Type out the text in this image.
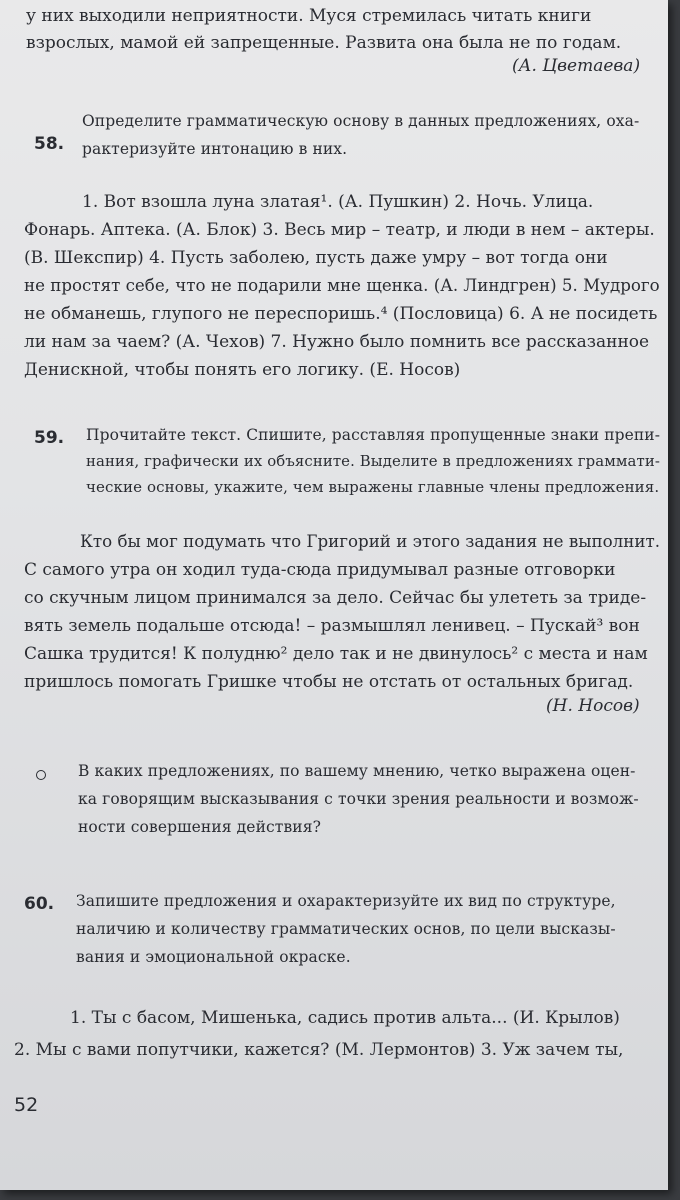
у них выходили неприятности. Муся стремилась читать книги
взрослых, мамой ей запрещенные. Развита она была не по годам.
(А. Цветаева)
58.
Определите грамматическую основу в данных предложениях, оха-
рактеризуйте интонацию в них.
1. Вот взошла луна златая¹. (А. Пушкин) 2. Ночь. Улица.
Фонарь. Аптека. (А. Блок) 3. Весь мир – театр, и люди в нем – актеры.
(В. Шекспир) 4. Пусть заболею, пусть даже умру – вот тогда они
не простят себе, что не подарили мне щенка. (А. Линдгрен) 5. Мудрого
не обманешь, глупого не переспоришь.⁴ (Пословица) 6. А не посидеть
ли нам за чаем? (А. Чехов) 7. Нужно было помнить все рассказанное
Денискной, чтобы понять его логику. (Е. Носов)
59. Прочитайте текст. Спишите, расставляя пропущенные знаки препи-
нания, графически их объясните. Выделите в предложениях граммати-
ческие основы, укажите, чем выражены главные члены предложения.
Кто бы мог подумать что Григорий и этого задания не выполнит.
С самого утра он ходил туда-сюда придумывал разные отговорки
со скучным лицом принимался за дело. Сейчас бы улететь за триде-
вять земель подальше отсюда! – размышлял ленивец. – Пускай³ вон
Сашка трудится! К полудню² дело так и не двинулось² с места и нам
пришлось помогать Гришке чтобы не отстать от остальных бригад.
(Н. Носов)
В каких предложениях, по вашему мнению, четко выражена оцен-
ка говорящим высказывания с точки зрения реальности и возмож-
ности совершения действия?
60. Запишите предложения и охарактеризуйте их вид по структуре,
наличию и количеству грамматических основ, по цели высказы-
вания и эмоциональной окраске.
1. Ты с басом, Мишенька, садись против альта... (И. Крылов)
2. Мы с вами попутчики, кажется? (М. Лермонтов) 3. Уж зачем ты,
52
